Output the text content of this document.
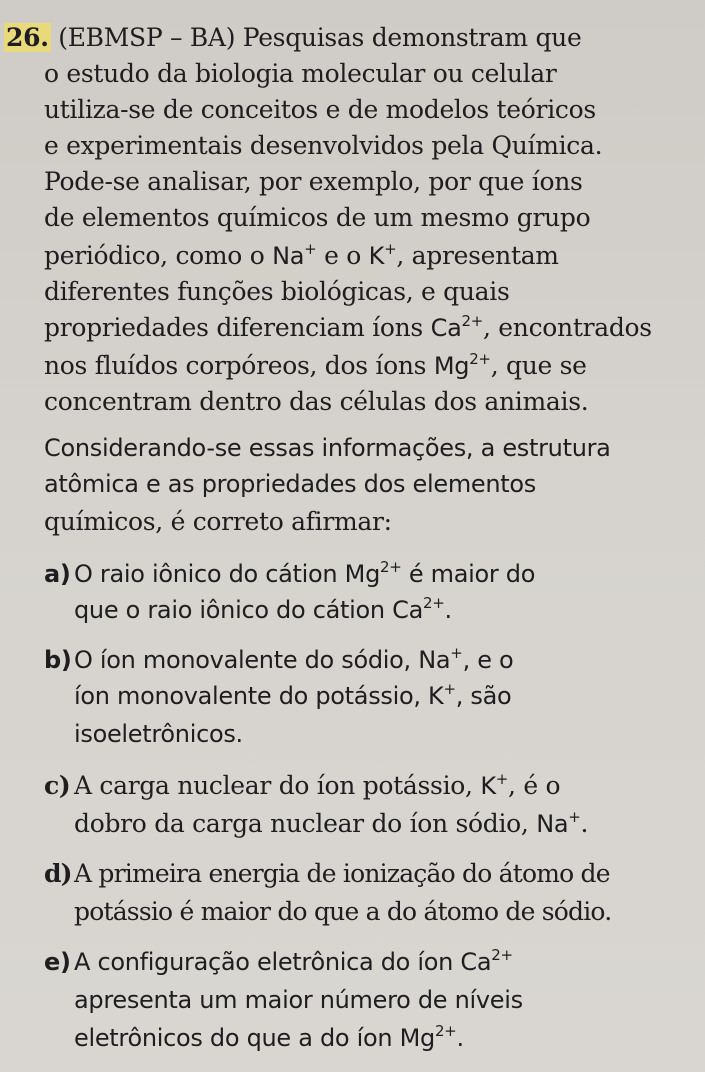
26. (EBMSP – BA) Pesquisas demonstram que
o estudo da biologia molecular ou celular
utiliza-se de conceitos e de modelos teóricos
e experimentais desenvolvidos pela Química.
Pode-se analisar, por exemplo, por que íons
de elementos químicos de um mesmo grupo
periódico, como o Na+ e o K+, apresentam
diferentes funções biológicas, e quais
propriedades diferenciam íons $Ca^{2+}$, encontrados
nos fluídos corpóreos, dos íons $Mg^{2+}$, que se
concentram dentro das células dos animais.
Considerando-se essas informações, a estrutura
atômica e as propriedades dos elementos
químicos, é correto afirmar:
a) O raio iônico do cátion $Mg^{2+}$ é maior do
que o raio iônico do cátion $Ca^{2+}$.
b) O íon monovalente do sódio, Na+, e o
íon monovalente do potássio, K+, são
isoeletrônicos.
c) A carga nuclear do íon potássio, K+, é o
dobro da carga nuclear do íon sódio, Na+.
d)A primeira energia de ionização do átomo de
potássio é maior do que a do átomo de sódio.
e) A configuração eletrônica do íon $Ca^{2+}$
apresenta um maior número de níveis
eletrônicos do que a do íon $Mg^{2+}$.
